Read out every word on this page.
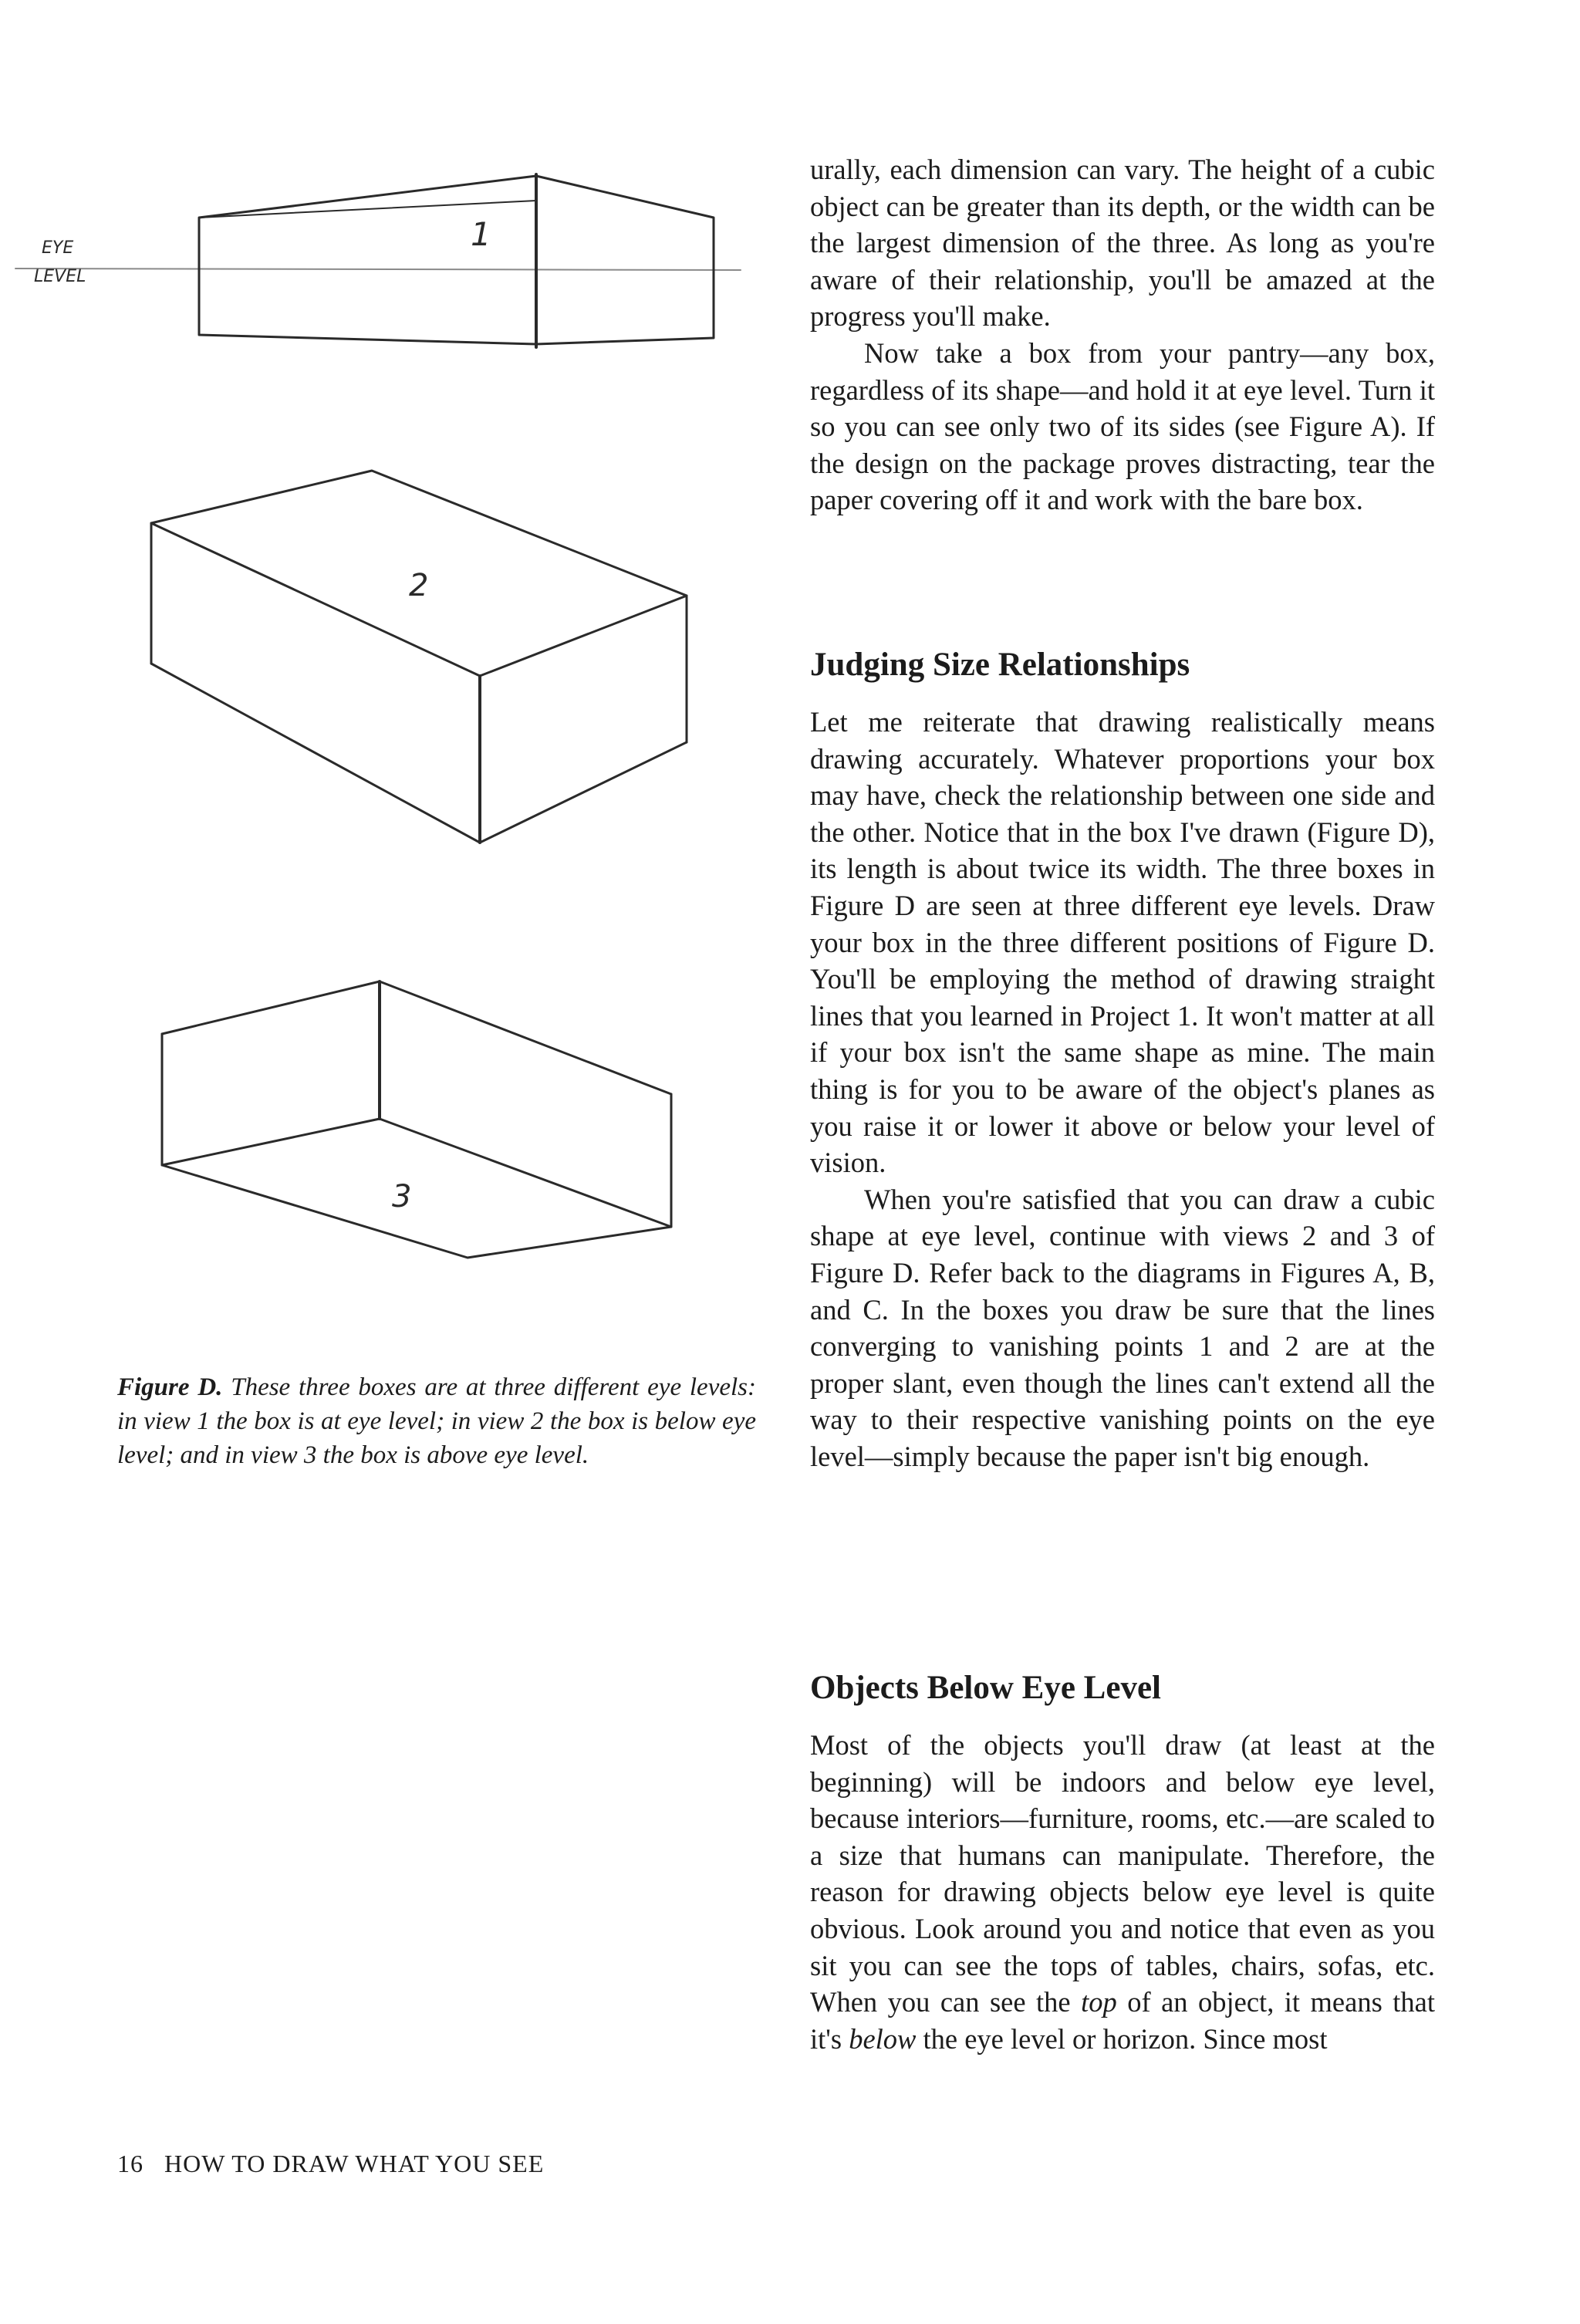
EYE
LEVEL
1
2
3
Figure D. These three boxes are at three different eye levels: in view 1 the box is at eye level; in view 2 the box is below eye level; and in view 3 the box is above eye level.

urally, each dimension can vary. The height of a cubic object can be greater than its depth, or the width can be the largest dimension of the three. As long as you're aware of their relationship, you'll be amazed at the progress you'll make.

Now take a box from your pantry—any box, regardless of its shape—and hold it at eye level. Turn it so you can see only two of its sides (see Figure A). If the design on the package proves distracting, tear the paper covering off it and work with the bare box.

Judging Size Relationships

Let me reiterate that drawing realistically means drawing accurately. Whatever proportions your box may have, check the relationship between one side and the other. Notice that in the box I've drawn (Figure D), its length is about twice its width. The three boxes in Figure D are seen at three different eye levels. Draw your box in the three different positions of Figure D. You'll be employing the method of drawing straight lines that you learned in Project 1. It won't matter at all if your box isn't the same shape as mine. The main thing is for you to be aware of the object's planes as you raise it or lower it above or below your level of vision.

When you're satisfied that you can draw a cubic shape at eye level, continue with views 2 and 3 of Figure D. Refer back to the diagrams in Figures A, B, and C. In the boxes you draw be sure that the lines converging to vanishing points 1 and 2 are at the proper slant, even though the lines can't extend all the way to their respective vanishing points on the eye level—simply because the paper isn't big enough.

Objects Below Eye Level

Most of the objects you'll draw (at least at the beginning) will be indoors and below eye level, because interiors—furniture, rooms, etc.—are scaled to a size that humans can manipulate. Therefore, the reason for drawing objects below eye level is quite obvious. Look around you and notice that even as you sit you can see the tops of tables, chairs, sofas, etc. When you can see the top of an object, it means that it's below the eye level or horizon. Since most

16 HOW TO DRAW WHAT YOU SEE
